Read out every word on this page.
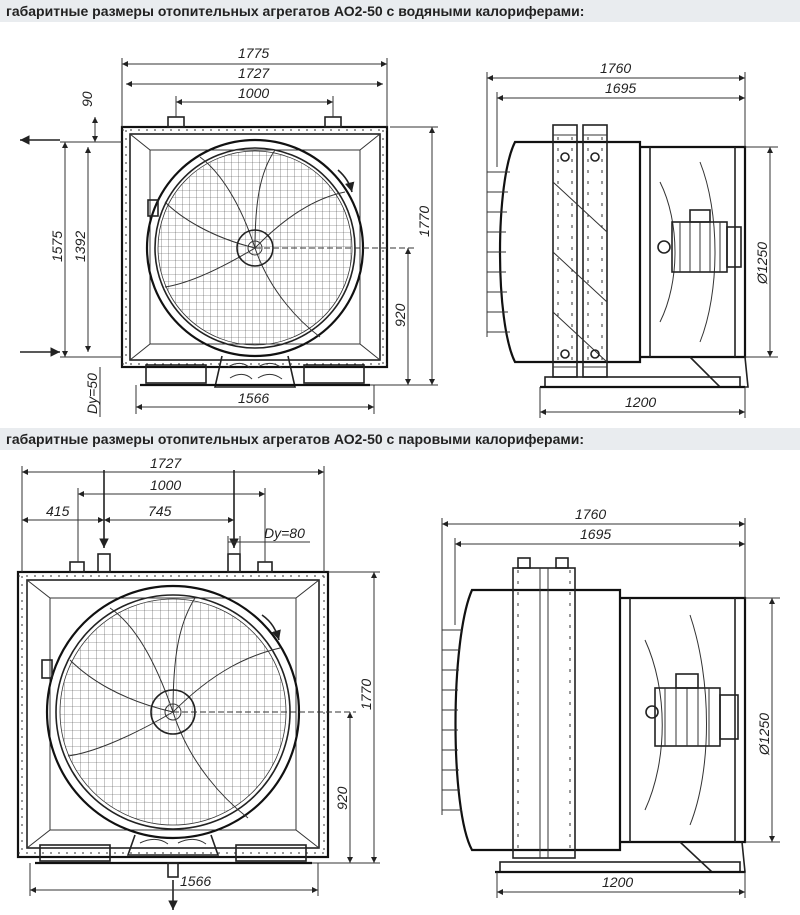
габаритные размеры отопительных агрегатов АО2-50 с водяными калориферами:
1775
1727
1000
90
1575 1392
Dy=50
1770
920
1566
1760
1695
Ø1250
1200
габаритные размеры отопительных агрегатов АО2-50 с паровыми калориферами:
1727
1000
415	745
Dy=80
1770
920
1566
1760
1695
Ø1250
1200
